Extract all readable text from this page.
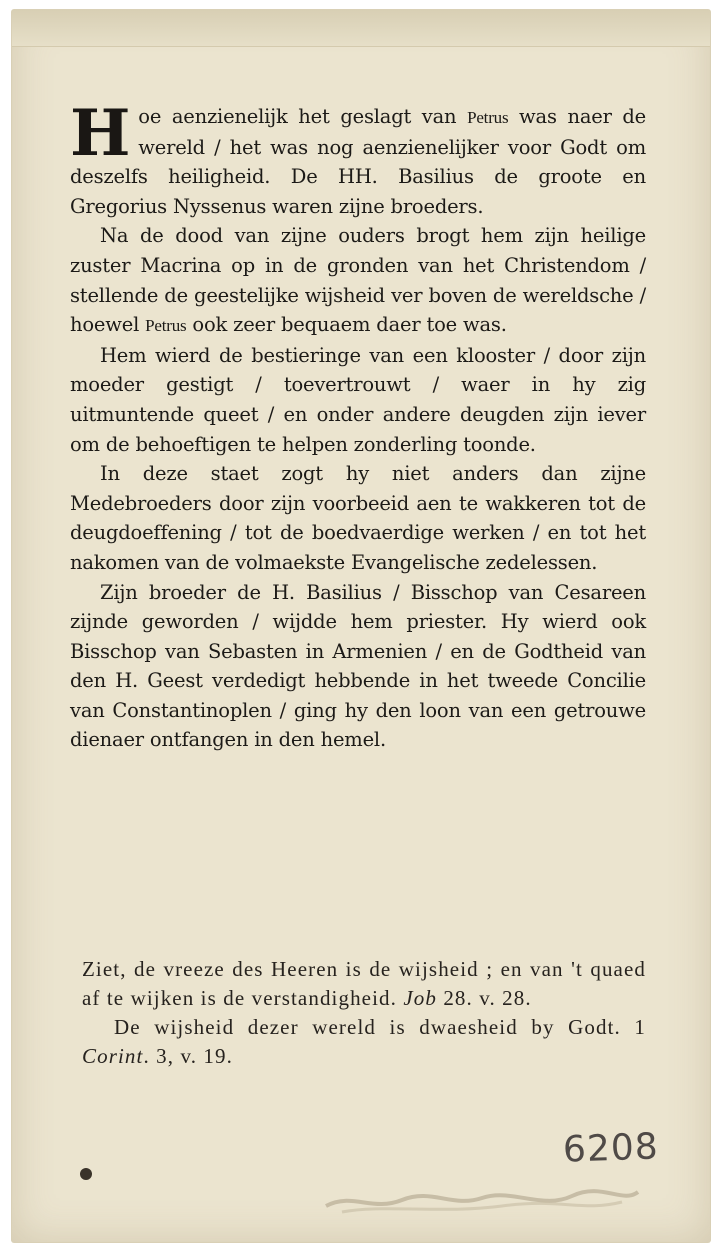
Hoe aenzienelijk het geslagt van Petrus was naer de wereld / het was nog aenzienelijker voor Godt om deszelfs heiligheid. De HH. Basilius de groote en Gregorius Nyssenus waren zijne broeders.

Na de dood van zijne ouders brogt hem zijn heilige zuster Macrina op in de gronden van het Christendom / stellende de geestelijke wijsheid ver boven de wereldsche / hoewel Petrus ook zeer bequaem daer toe was.

Hem wierd de bestieringe van een klooster / door zijn moeder gestigt / toevertrouwt / waer in hy zig uitmuntende queet / en onder andere deugden zijn iever om de behoeftigen te helpen zonderling toonde.

In deze staet zogt hy niet anders dan zijne Medebroeders door zijn voorbeeid aen te wakkeren tot de deugdoeffening / tot de boedvaerdige werken / en tot het nakomen van de volmaekste Evangelische zedelessen.

Zijn broeder de H. Basilius / Bisschop van Cesareen zijnde geworden / wijdde hem priester. Hy wierd ook Bisschop van Sebasten in Armenien / en de Godtheid van den H. Geest verdedigt hebbende in het tweede Concilie van Constantinoplen / ging hy den loon van een getrouwe dienaer ontfangen in den hemel.

Ziet, de vreeze des Heeren is de wijsheid ; en van 't quaed af te wijken is de verstandigheid. Job 28. v. 28.

De wijsheid dezer wereld is dwaesheid by Godt. 1 Corint. 3, v. 19.

6208
